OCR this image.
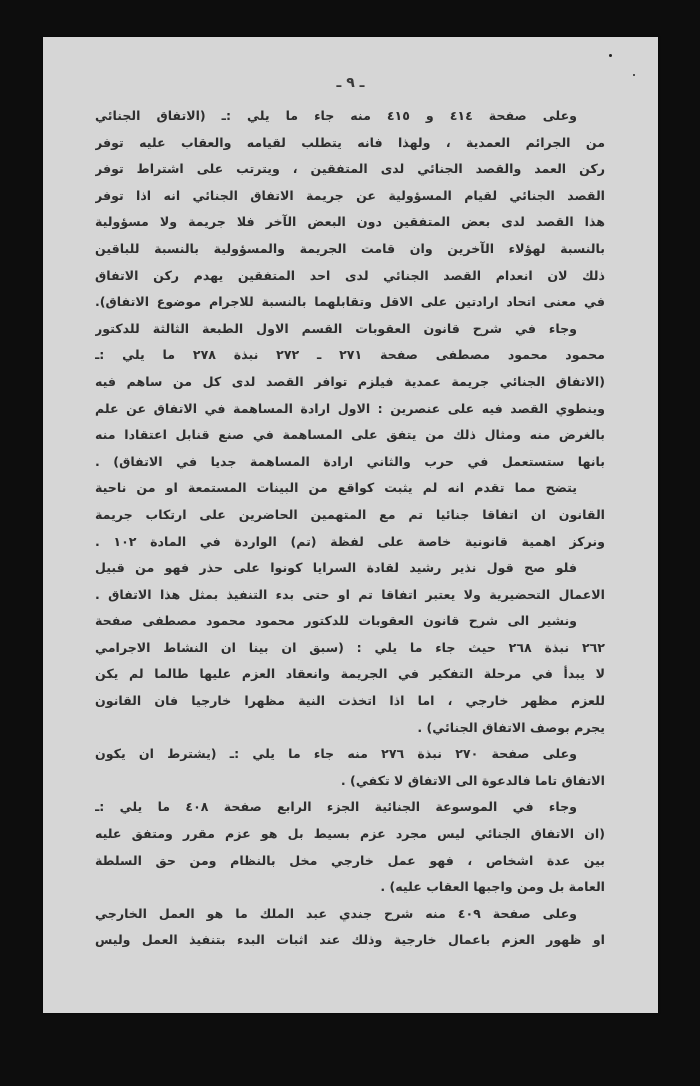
ـ ٩ ـ
وعلى صفحة ٤١٤ و ٤١٥ منه جاء ما يلي :ـ (الاتفاق الجنائي
من الجرائم العمدية ، ولهذا فانه يتطلب لقيامه والعقاب عليه توفر
ركن العمد والقصد الجنائي لدى المتفقين ، ويترتب على اشتراط توفر
القصد الجنائي لقيام المسؤولية عن جريمة الاتفاق الجنائي انه اذا توفر
هذا القصد لدى بعض المتفقين دون البعض الآخر فلا جريمة ولا مسؤولية
بالنسبة لهؤلاء الآخرين وان قامت الجريمة والمسؤولية بالنسبة للباقين
ذلك لان انعدام القصد الجنائي لدى احد المتفقين يهدم ركن الاتفاق
في معنى اتحاد ارادتين على الاقل وتقابلهما بالنسبة للاجرام موضوع الاتفاق).
وجاء في شرح قانون العقوبات القسم الاول الطبعة الثالثة للدكتور
محمود محمود مصطفى صفحة ٢٧١ ـ ٢٧٢ نبذة ٢٧٨ ما يلي :ـ
(الاتفاق الجنائي جريمة عمدية فيلزم توافر القصد لدى كل من ساهم فيه
وينطوي القصد فيه على عنصرين : الاول ارادة المساهمة في الاتفاق عن علم
بالغرض منه ومثال ذلك من يتفق على المساهمة في صنع قنابل اعتقادا منه
بانها ستستعمل في حرب والثاني ارادة المساهمة جديا في الاتفاق) .
يتضح مما تقدم انه لم يثبت كواقع من البينات المستمعة او من ناحية
القانون ان اتفاقا جنائيا تم مع المتهمين الحاضرين على ارتكاب جريمة
ونركز اهمية قانونية خاصة على لفظة (تم) الواردة في المادة ١٠٢ .
فلو صح قول نذير رشيد لقادة السرايا كونوا على حذر فهو من قبيل
الاعمال التحضيرية ولا يعتبر اتفاقا تم او حتى بدء التنفيذ بمثل هذا الاتفاق .
ونشير الى شرح قانون العقوبات للدكتور محمود محمود مصطفى صفحة
٢٦٢ نبذة ٢٦٨ حيث جاء ما يلي : (سبق ان بينا ان النشاط الاجرامي
لا يبدأ في مرحلة التفكير في الجريمة وانعقاد العزم عليها طالما لم يكن
للعزم مظهر خارجي ، اما اذا اتخذت النية مظهرا خارجيا فان القانون
يجرم بوصف الاتفاق الجنائي) .
وعلى صفحة ٢٧٠ نبذة ٢٧٦ منه جاء ما يلي :ـ (يشترط ان يكون
الاتفاق تاما فالدعوة الى الاتفاق لا تكفي) .
وجاء في الموسوعة الجنائية الجزء الرابع صفحة ٤٠٨ ما يلي :ـ
(ان الاتفاق الجنائي ليس مجرد عزم بسيط بل هو عزم مقرر ومتفق عليه
بين عدة اشخاص ، فهو عمل خارجي مخل بالنظام ومن حق السلطة
العامة بل ومن واجبها العقاب عليه) .
وعلى صفحة ٤٠٩ منه شرح جندي عبد الملك ما هو العمل الخارجي
او ظهور العزم باعمال خارجية وذلك عند اثبات البدء بتنفيذ العمل وليس
